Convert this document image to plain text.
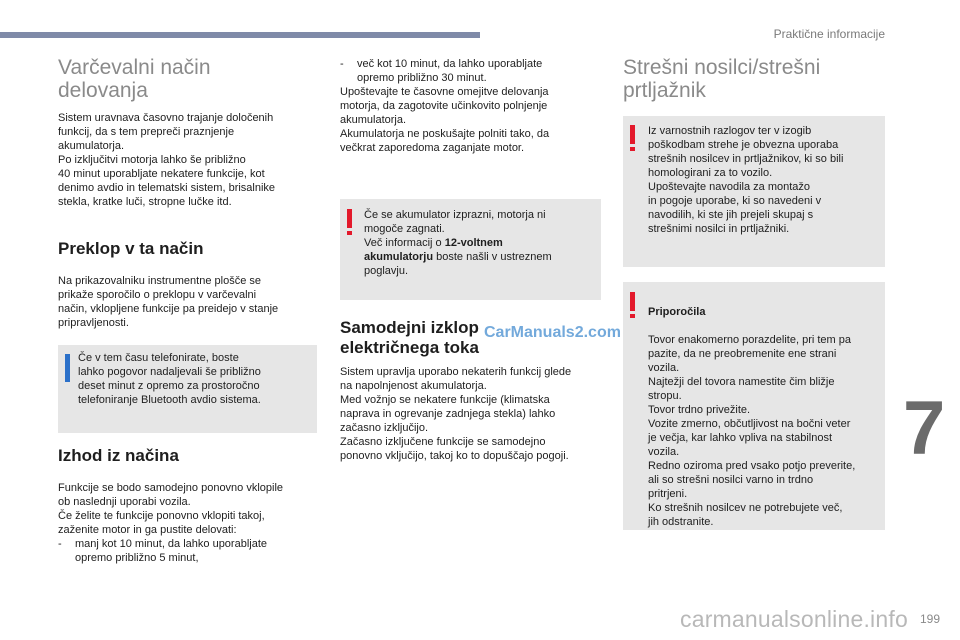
Praktične informacije
Varčevalni način
delovanja
Sistem uravnava časovno trajanje določenih
funkcij, da s tem prepreči praznjenje
akumulatorja.
Po izključitvi motorja lahko še približno
40 minut uporabljate nekatere funkcije, kot
denimo avdio in telematski sistem, brisalnike
stekla, kratke luči, stropne lučke itd.
Preklop v ta način
Na prikazovalniku instrumentne plošče se
prikaže sporočilo o preklopu v varčevalni
način, vklopljene funkcije pa preidejo v stanje
pripravljenosti.
Če v tem času telefonirate, boste
lahko pogovor nadaljevali še približno
deset minut z opremo za prostoročno
telefoniranje Bluetooth avdio sistema.
Izhod iz načina
Funkcije se bodo samodejno ponovno vklopile
ob naslednji uporabi vozila.
Če želite te funkcije ponovno vklopiti takoj,
zaženite motor in ga pustite delovati:
-	manj kot 10 minut, da lahko uporabljate
opremo približno 5 minut,
-	več kot 10 minut, da lahko uporabljate
opremo približno 30 minut.
Upoštevajte te časovne omejitve delovanja
motorja, da zagotovite učinkovito polnjenje
akumulatorja.
Akumulatorja ne poskušajte polniti tako, da
večkrat zaporedoma zaganjate motor.
Če se akumulator izprazni, motorja ni
mogoče zagnati.
Več informacij o 12-voltnem
akumulatorju boste našli v ustreznem
poglavju.
Samodejni izklop
električnega toka
Sistem upravlja uporabo nekaterih funkcij glede
na napolnjenost akumulatorja.
Med vožnjo se nekatere funkcije (klimatska
naprava in ogrevanje zadnjega stekla) lahko
začasno izključijo.
Začasno izključene funkcije se samodejno
ponovno vključijo, takoj ko to dopuščajo pogoji.
Strešni nosilci/strešni
prtljažnik
Iz varnostnih razlogov ter v izogib
poškodbam strehe je obvezna uporaba
strešnih nosilcev in prtljažnikov, ki so bili
homologirani za to vozilo.
Upoštevajte navodila za montažo
in pogoje uporabe, ki so navedeni v
navodilih, ki ste jih prejeli skupaj s
strešnimi nosilci in prtljažniki.

Priporočila

Tovor enakomerno porazdelite, pri tem pa
pazite, da ne preobremenite ene strani
vozila.
Najtežji del tovora namestite čim bližje
stropu.
Tovor trdno privežite.
Vozite zmerno, občutljivost na bočni veter
je večja, kar lahko vpliva na stabilnost
vozila.
Redno oziroma pred vsako potjo preverite,
ali so strešni nosilci varno in trdno
pritrjeni.
Ko strešnih nosilcev ne potrebujete več,
jih odstranite.

7
CarManuals2.com
carmanualsonline.info 199
